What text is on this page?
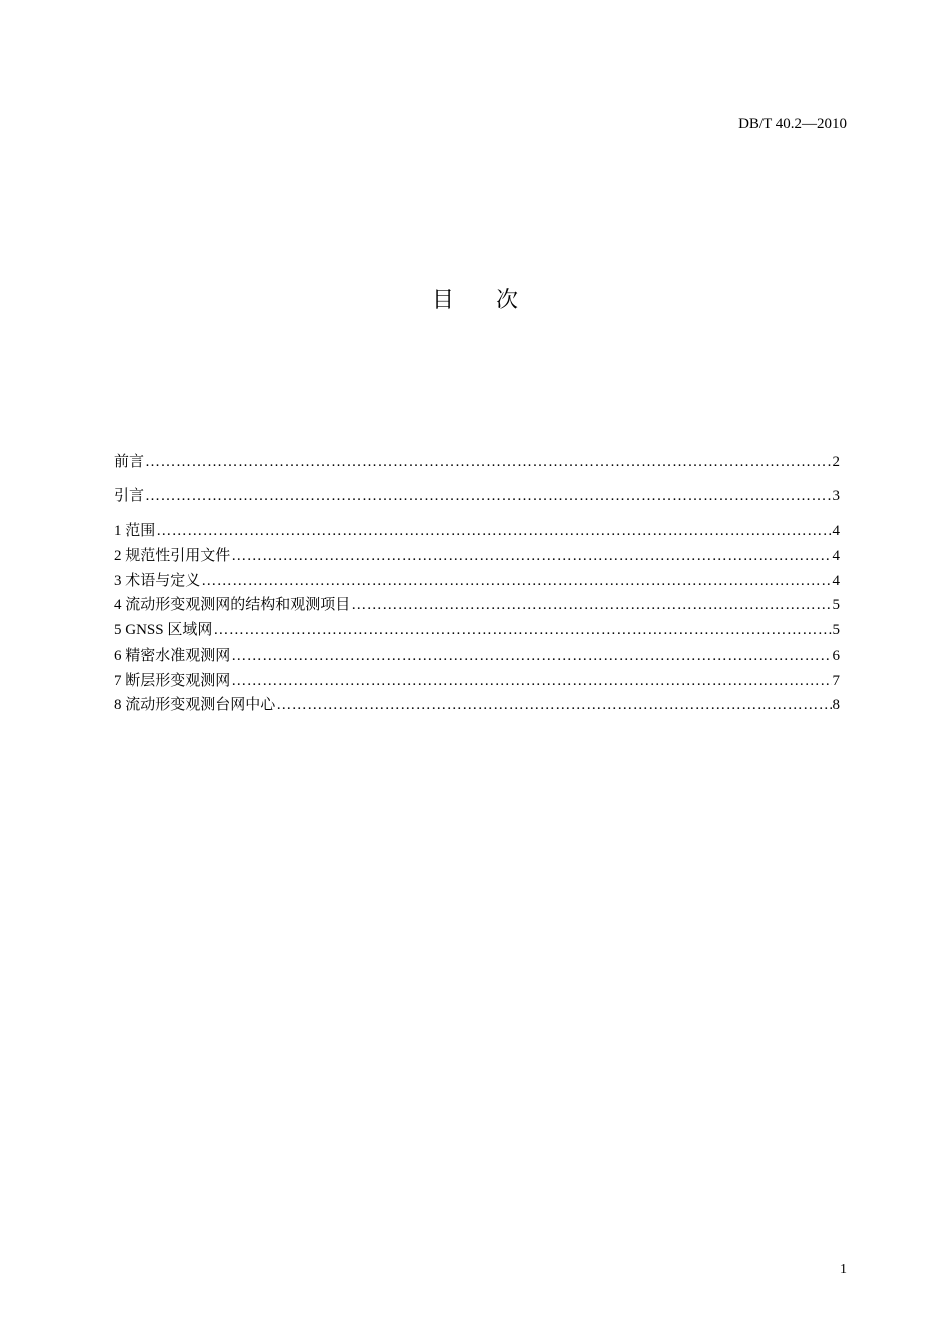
DB/T 40.2—2010
目次
前言 ……………………………………………………………………………………………………………………………………………………………………………………………………………………………………………………	2
引言 ……………………………………………………………………………………………………………………………………………………………………………………………………………………………………………………	3
1 范围 ……………………………………………………………………………………………………………………………………………………………………………………………………………………………………………………	4
2 规范性引用文件 ……………………………………………………………………………………………………………………………………………………………………………………………………………………………………………………	4
3 术语与定义 ……………………………………………………………………………………………………………………………………………………………………………………………………………………………………………………	4
4 流动形变观测网的结构和观测项目 ……………………………………………………………………………………………………………………………………………………………………………………………………………………………………………………	5
5 GNSS 区域网 ……………………………………………………………………………………………………………………………………………………………………………………………………………………………………………………	5
6 精密水准观测网 ……………………………………………………………………………………………………………………………………………………………………………………………………………………………………………………	6
7 断层形变观测网 ……………………………………………………………………………………………………………………………………………………………………………………………………………………………………………………	7
8 流动形变观测台网中心 ……………………………………………………………………………………………………………………………………………………………………………………………………………………………………………………	8
1
